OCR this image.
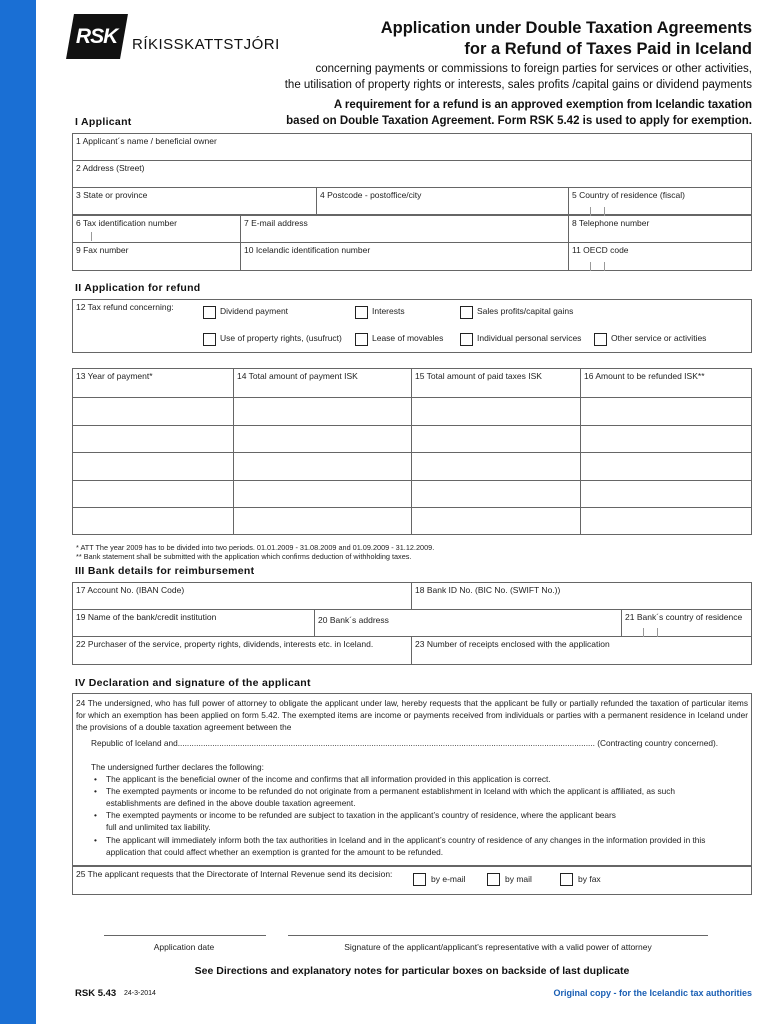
RSK RÍKISSKATTSTJÓRI
Application under Double Taxation Agreements
for a Refund of Taxes Paid in Iceland
concerning payments or commissions to foreign parties for services or other activities,
the utilisation of property rights or interests, sales profits /capital gains or dividend payments
A requirement for a refund is an approved exemption from Icelandic taxation
based on Double Taxation Agreement. Form RSK 5.42 is used to apply for exemption.
I Applicant
1 Applicant´s name / beneficial owner
2 Address (Street)
3 State or province	4 Postcode - postoffice/city	5 Country of residence (fiscal)
6 Tax identification number	7 E-mail address	8 Telephone number
9 Fax number	10 Icelandic identification number	11 OECD code
II Application for refund
12 Tax refund concerning:	Dividend payment	Interests	Sales profits/capital gains
Use of property rights, (usufruct)	Lease of movables	Individual personal services	Other service or activities
13 Year of payment*	14 Total amount of payment ISK	15 Total amount of paid taxes ISK	16 Amount to be refunded ISK**
* ATT The year 2009 has to be divided into two periods. 01.01.2009 - 31.08.2009 and 01.09.2009 - 31.12.2009.
** Bank statement shall be submitted with the application which confirms deduction of withholding taxes.
III Bank details for reimbursement
17 Account No. (IBAN Code)	18 Bank ID No. (BIC No. (SWIFT No.))
19 Name of the bank/credit institution	20 Bank´s address	21 Bank´s country of residence
22 Purchaser of the service, property rights, dividends, interests etc. in Iceland.	23 Number of receipts enclosed with the application
IV Declaration and signature of the applicant
24 The undersigned, who has full power of attorney to obligate the applicant under law, hereby requests that the applicant be fully or partially refunded the taxation of particular items for which an exemption has been applied on form 5.42. The exempted items are income or payments received from individuals or parties with a permanent residence in Iceland under the provisions of a double taxation agreement between the
Republic of Iceland and..................................................................................................................................................................................... (Contracting country concerned).
The undersigned further declares the following:
• The applicant is the beneficial owner of the income and confirms that all information provided in this application is correct.
• The exempted payments or income to be refunded do not originate from a permanent establishment in Iceland with which the applicant is affiliated, as such establishments are defined in the above double taxation agreement.
• The exempted payments or income to be refunded are subject to taxation in the applicant’s country of residence, where the applicant bears full and unlimited tax liability.
• The applicant will immediately inform both the tax authorities in Iceland and in the applicant’s country of residence of any changes in the information provided in this application that could affect whether an exemption is granted for the amount to be refunded.
25 The applicant requests that the Directorate of Internal Revenue send its decision:	by e-mail	by mail	by fax
Application date	Signature of the applicant/applicant’s representative with a valid power of attorney
See Directions and explanatory notes for particular boxes on backside of last duplicate
RSK 5.43 24-3-2014	Original copy - for the Icelandic tax authorities
